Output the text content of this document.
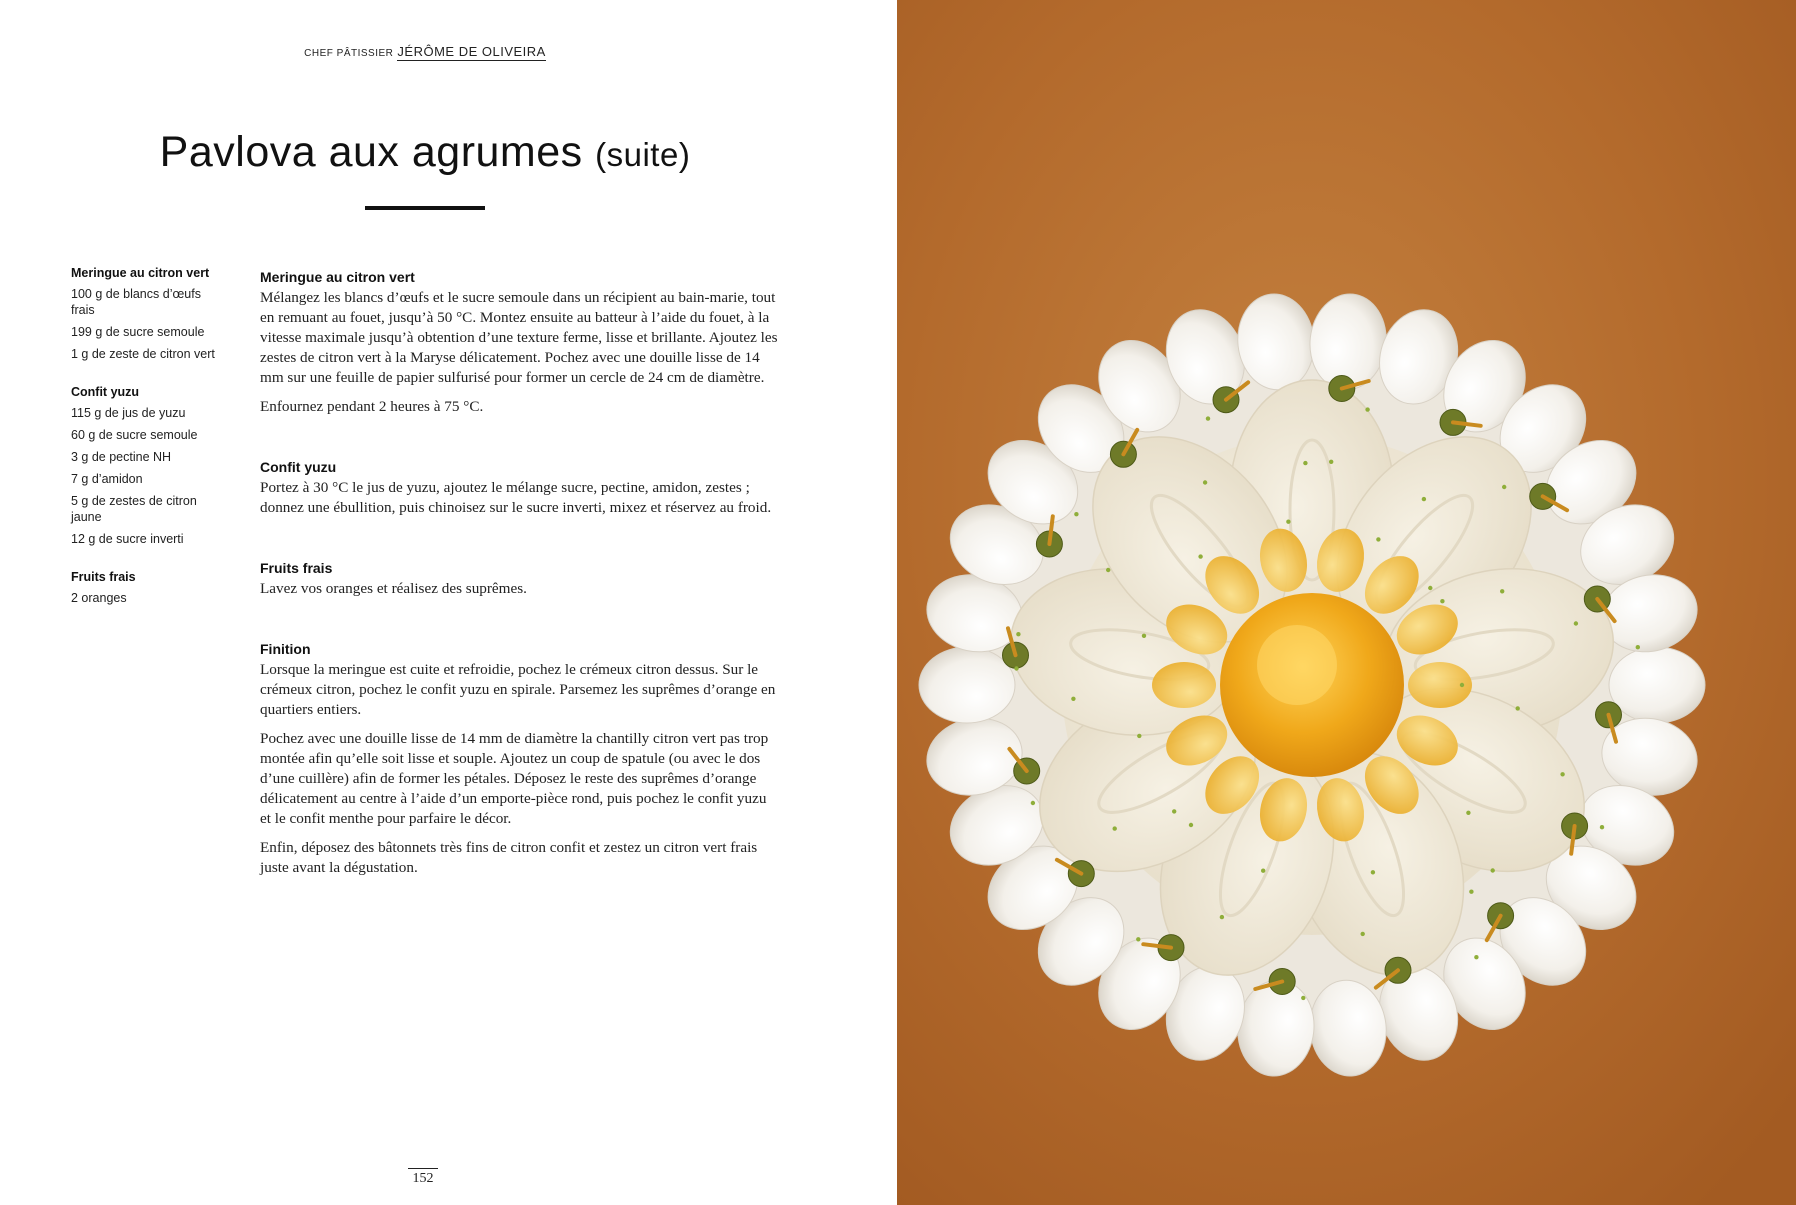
CHEF PÂTISSIER JÉRÔME DE OLIVEIRA
Pavlova aux agrumes (suite)
Meringue au citron vert
100 g de blancs d’œufs frais
199 g de sucre semoule
1 g de zeste de citron vert
Confit yuzu
115 g de jus de yuzu
60 g de sucre semoule
3 g de pectine NH
7 g d’amidon
5 g de zestes de citron jaune
12 g de sucre inverti
Fruits frais
2 oranges
Meringue au citron vert

Mélangez les blancs d’œufs et le sucre semoule dans un récipient au bain-marie, tout en remuant au fouet, jusqu’à 50 °C. Montez ensuite au batteur à l’aide du fouet, à la vitesse maximale jusqu’à obtention d’une texture ferme, lisse et brillante. Ajoutez les zestes de citron vert à la Maryse délicatement. Pochez avec une douille lisse de 14 mm sur une feuille de papier sulfurisé pour former un cercle de 24 cm de diamètre.

Enfournez pendant 2 heures à 75 °C.

Confit yuzu

Portez à 30 °C le jus de yuzu, ajoutez le mélange sucre, pectine, amidon, zestes ; donnez une ébullition, puis chinoisez sur le sucre inverti, mixez et réservez au froid.

Fruits frais

Lavez vos oranges et réalisez des suprêmes.

Finition

Lorsque la meringue est cuite et refroidie, pochez le crémeux citron dessus. Sur le crémeux citron, pochez le confit yuzu en spirale. Parsemez les suprêmes d’orange en quartiers entiers.

Pochez avec une douille lisse de 14 mm de diamètre la chantilly citron vert pas trop montée afin qu’elle soit lisse et souple. Ajoutez un coup de spatule (ou avec le dos d’une cuillère) afin de former les pétales. Déposez le reste des suprêmes d’orange délicatement au centre à l’aide d’un emporte-pièce rond, puis pochez le confit yuzu et le confit menthe pour parfaire le décor.

Enfin, déposez des bâtonnets très fins de citron confit et zestez un citron vert frais juste avant la dégustation.

152
